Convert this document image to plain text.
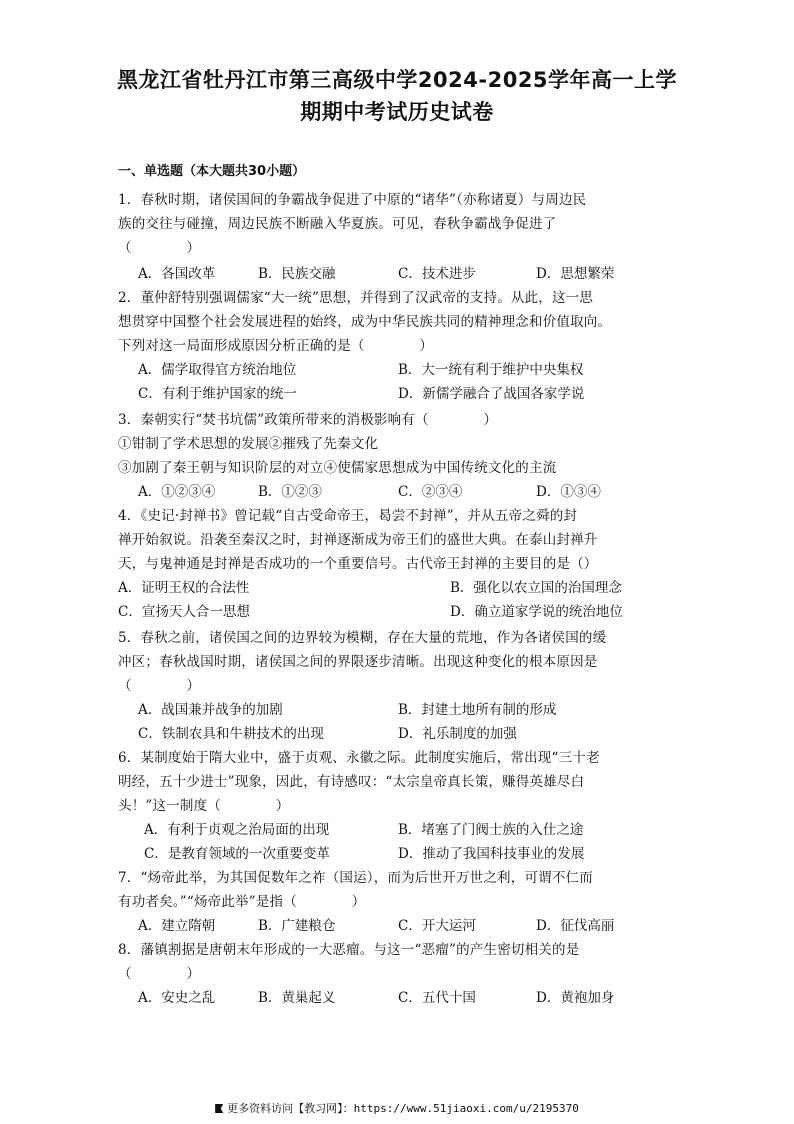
黑龙江省牡丹江市第三高级中学2024-2025学年高一上学
期期中考试历史试卷
一、单选题（本大题共30小题）
1．春秋时期，诸侯国间的争霸战争促进了中原的“诸华”（亦称诸夏）与周边民
族的交往与碰撞，周边民族不断融入华夏族。可见，春秋争霸战争促进了
（　　　　）
A．各国改革	B．民族交融	C．技术进步	D．思想繁荣
2．董仲舒特别强调儒家“大一统”思想，并得到了汉武帝的支持。从此，这一思
想贯穿中国整个社会发展进程的始终，成为中华民族共同的精神理念和价值取向。
下列对这一局面形成原因分析正确的是（　　　　）
A．儒学取得官方统治地位	B．大一统有利于维护中央集权
C．有利于维护国家的统一	D．新儒学融合了战国各家学说
3．秦朝实行“焚书坑儒”政策所带来的消极影响有（　　　　）
①钳制了学术思想的发展②摧残了先秦文化
③加剧了秦王朝与知识阶层的对立④使儒家思想成为中国传统文化的主流
A．①②③④	B．①②③	C．②③④	D．①③④
4．《史记·封禅书》曾记载“自古受命帝王，曷尝不封禅”，并从五帝之舜的封
禅开始叙说。沿袭至秦汉之时，封禅逐渐成为帝王们的盛世大典。在泰山封禅升
天，与鬼神通是封禅是否成功的一个重要信号。古代帝王封禅的主要目的是（）
A．证明王权的合法性	B．强化以农立国的治国理念
C．宣扬天人合一思想	D．确立道家学说的统治地位
5．春秋之前，诸侯国之间的边界较为模糊，存在大量的荒地，作为各诸侯国的缓
冲区；春秋战国时期，诸侯国之间的界限逐步清晰。出现这种变化的根本原因是
（　　　　）
A．战国兼并战争的加剧	B．封建土地所有制的形成
C．铁制农具和牛耕技术的出现	D．礼乐制度的加强
6．某制度始于隋大业中，盛于贞观、永徽之际。此制度实施后，常出现“三十老
明经，五十少进士”现象，因此，有诗感叹：“太宗皇帝真长策，赚得英雄尽白
头！”这一制度（　　　　）
A．有利于贞观之治局面的出现	B．堵塞了门阀士族的入仕之途
C．是教育领域的一次重要变革	D．推动了我国科技事业的发展
7．“炀帝此举，为其国促数年之祚（国运），而为后世开万世之利，可谓不仁而
有功者矣。”“炀帝此举”是指（　　　　）
A．建立隋朝	B．广建粮仓	C．开大运河	D．征伐高丽
8．藩镇割据是唐朝末年形成的一大恶瘤。与这一“恶瘤”的产生密切相关的是
（　　　　）
A．安史之乱	B．黄巢起义	C．五代十国	D．黄袍加身
更多资料访问【教习网】：https://www.51jiaoxi.com/u/2195370
